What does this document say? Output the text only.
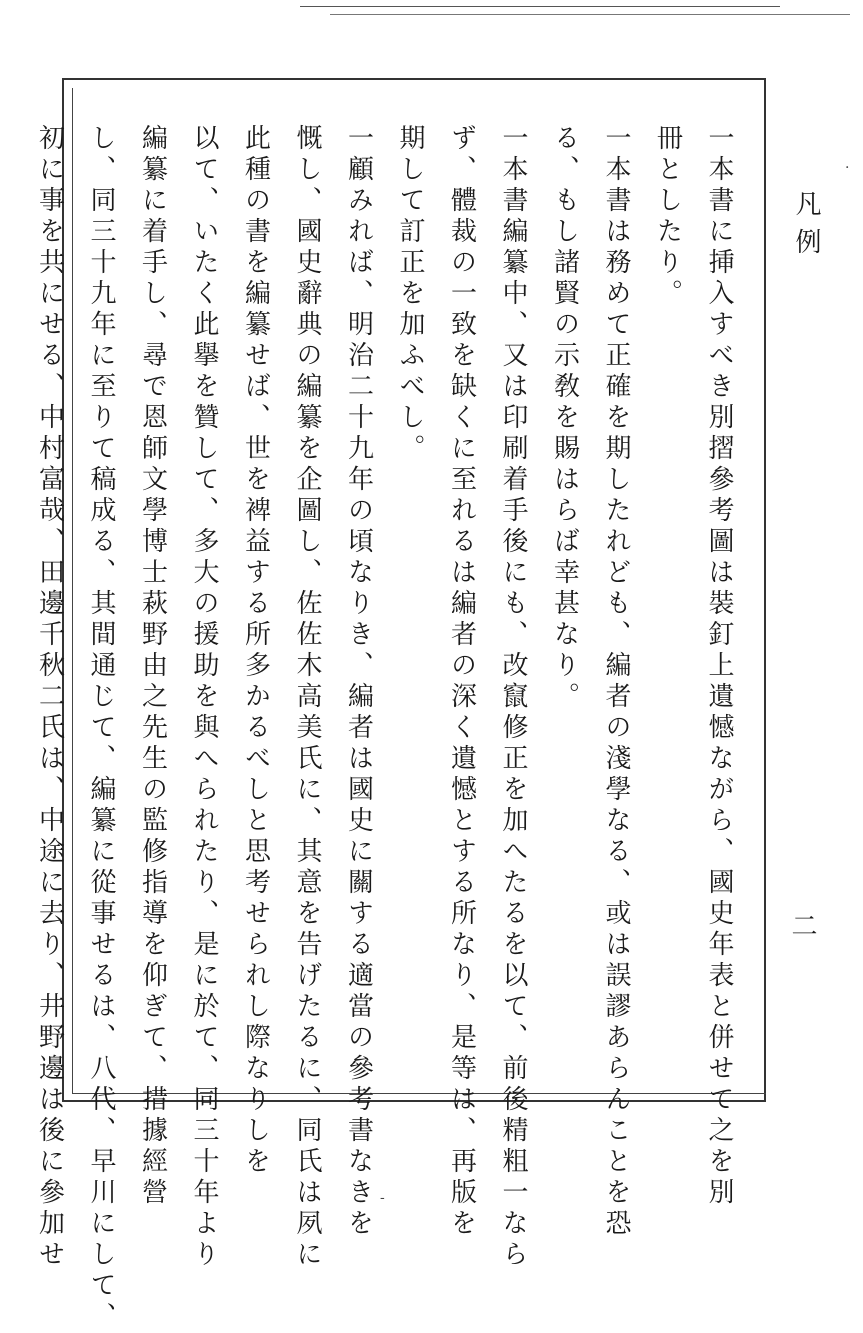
一本書に挿入すべき別摺參考圖は裝釘上遺憾ながら、國史年表と併せて之を別
冊としたり。
一本書は務めて正確を期したれども、編者の淺學なる、或は誤謬あらんことを恐
る、もし諸賢の示敎を賜はらば幸甚なり。
一本書編纂中、又は印刷着手後にも、改竄修正を加へたるを以て、前後精粗一なら
ず、體裁の一致を缺くに至れるは編者の深く遺憾とする所なり、是等は、再版を
期して訂正を加ふべし。
一顧みれば、明治二十九年の頃なりき、編者は國史に關する適當の參考書なきを
慨し、國史辭典の編纂を企圖し、佐佐木高美氏に、其意を告げたるに、同氏は夙に
此種の書を編纂せば、世を裨益する所多かるべしと思考せられし際なりしを
以て、いたく此擧を贊して、多大の援助を與へられたり、是に於て、同三十年より
編纂に着手し、尋で恩師文學博士萩野由之先生の監修指導を仰ぎて、措據經營
し、同三十九年に至りて稿成る、其間通じて、編纂に從事せるは、八代、早川にして、
初に事を共にせる、中村富哉、田邊千秋二氏は、中途に去り、井野邊は後に參加せ	凡例
二
·
-
